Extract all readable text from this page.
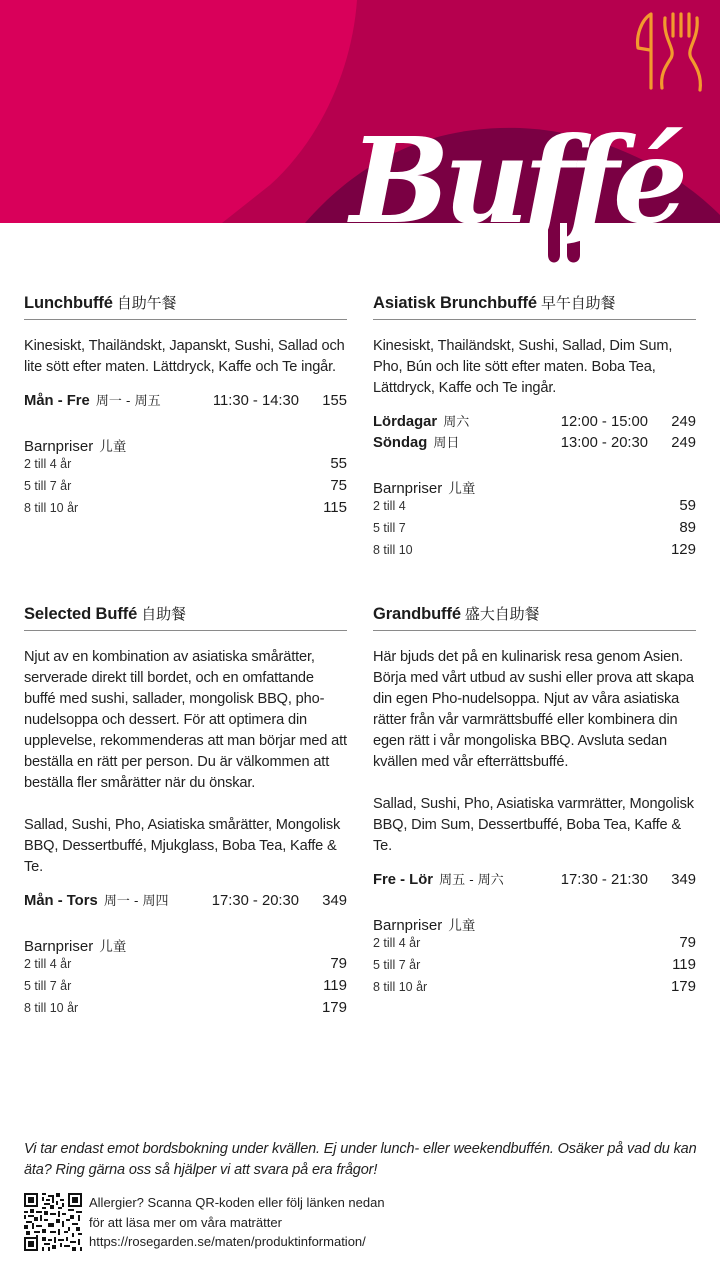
Buffé
Lunchbuffé 自助午餐

Kinesiskt, Thailändskt, Japanskt, Sushi, Sallad och lite sött efter maten. Lättdryck, Kaffe och Te ingår.

Mån - Fre 周一 - 周五	11:30 - 14:30	155
Barnpriser 儿童
2 till 4 år	55
5 till 7 år	75
8 till 10 år	115
Asiatisk Brunchbuffé 早午自助餐

Kinesiskt, Thailändskt, Sushi, Sallad, Dim Sum, Pho, Bún och lite sött efter maten. Boba Tea, Lättdryck, Kaffe och Te ingår.

Lördagar 周六	12:00 - 15:00	249
Söndag 周日	13:00 - 20:30	249
Barnpriser 儿童
2 till 4	59
5 till 7	89
8 till 10	129
Selected Buffé 自助餐

Njut av en kombination av asiatiska smårätter, serverade direkt till bordet, och en omfattande buffé med sushi, sallader, mongolisk BBQ, pho-nudelsoppa och dessert. För att optimera din upplevelse, rekommenderas att man börjar med att beställa en rätt per person. Du är välkommen att beställa fler smårätter när du önskar.

Sallad, Sushi, Pho, Asiatiska smårätter, Mongolisk BBQ, Dessertbuffé, Mjukglass, Boba Tea, Kaffe & Te.

Mån - Tors 周一 - 周四	17:30 - 20:30	349
Barnpriser 儿童
2 till 4 år	79
5 till 7 år	119
8 till 10 år	179
Grandbuffé 盛大自助餐

Här bjuds det på en kulinarisk resa genom Asien. Börja med vårt utbud av sushi eller prova att skapa din egen Pho-nudelsoppa. Njut av våra asiatiska rätter från vår varmrättsbuffé eller kombinera din egen rätt i vår mongoliska BBQ. Avsluta sedan kvällen med vår efterrättsbuffé.

Sallad, Sushi, Pho, Asiatiska varmrätter, Mongolisk BBQ, Dim Sum, Dessertbuffé, Boba Tea, Kaffe & Te.

Fre - Lör 周五 - 周六	17:30 - 21:30	349
Barnpriser 儿童
2 till 4 år	79
5 till 7 år	119
8 till 10 år	179
Vi tar endast emot bordsbokning under kvällen. Ej under lunch- eller weekendbuffén. Osäker på vad du kan äta? Ring gärna oss så hjälper vi att svara på era frågor!
Allergier? Scanna QR-koden eller följ länken nedan
för att läsa mer om våra maträtter
https://rosegarden.se/maten/produktinformation/
